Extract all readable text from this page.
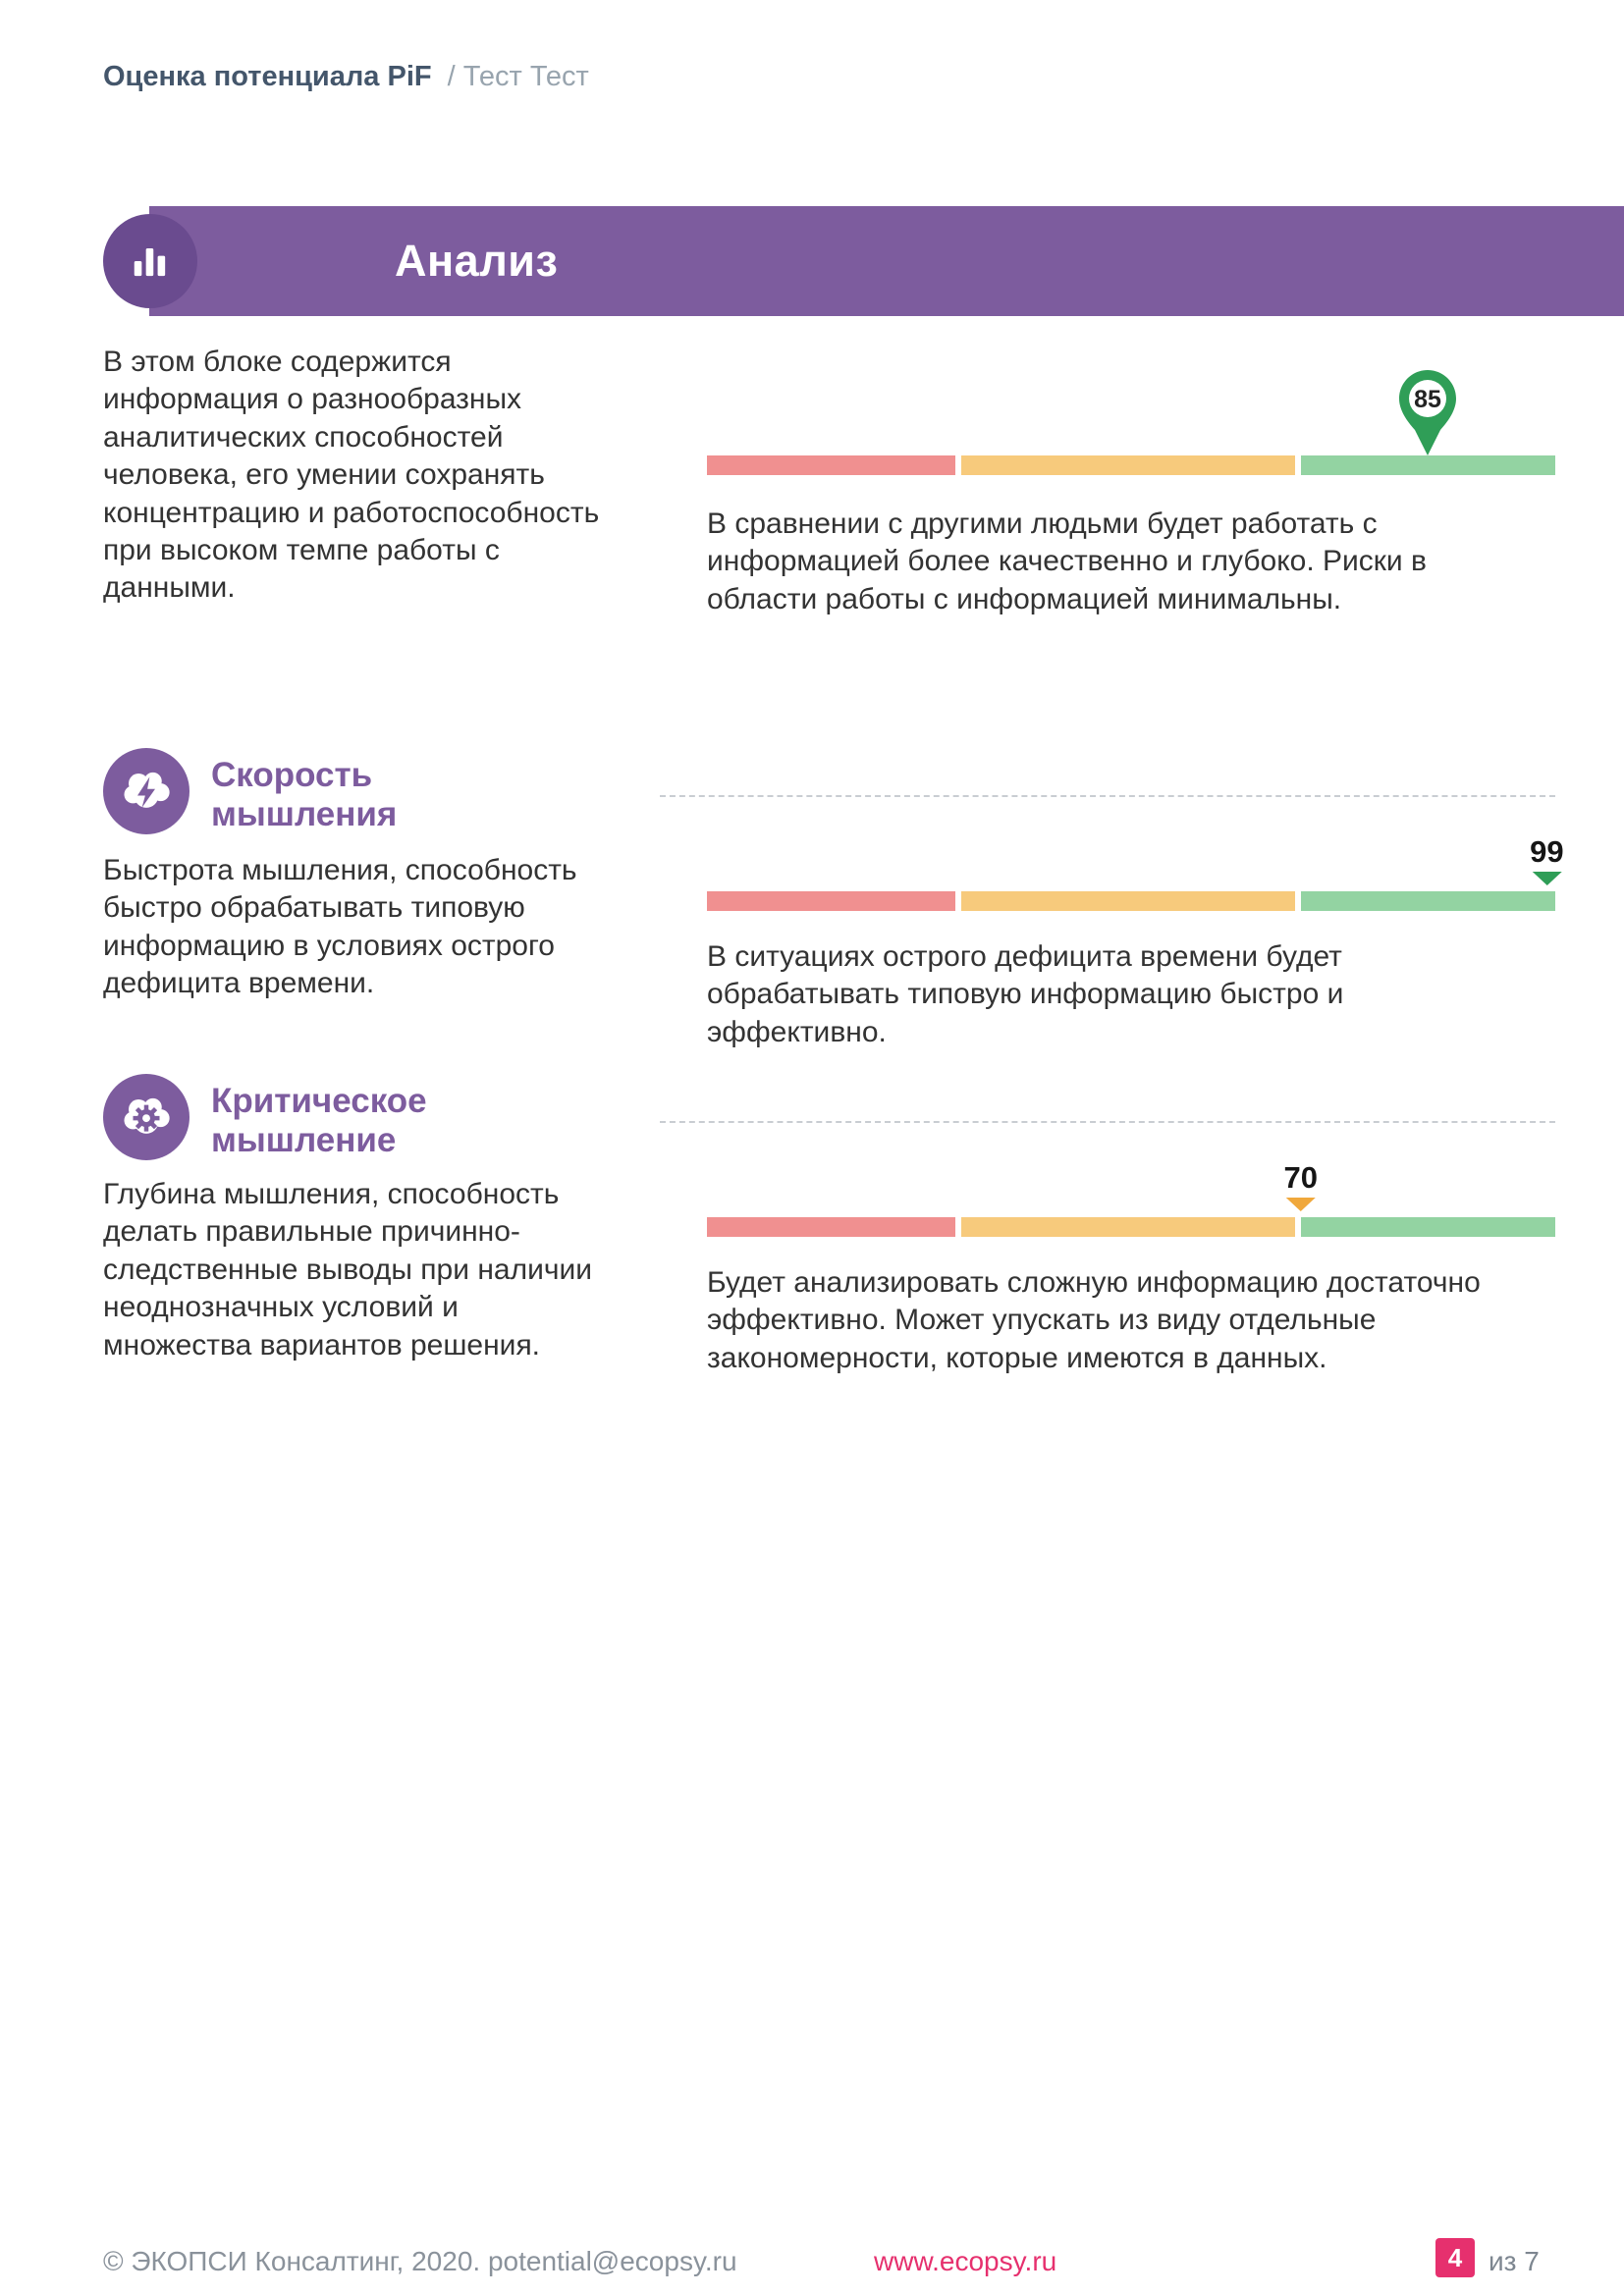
Оценка потенциала PiF / Тест Тест
Анализ
В этом блоке содержится информация о разнообразных аналитических способностей человека, его умении сохранять концентрацию и работоспособность при высоком темпе работы с данными.
85
В сравнении с другими людьми будет работать с информацией более качественно и глубоко. Риски в области работы с информацией минимальны.
Скорость мышления
Быстрота мышления, способность быстро обрабатывать типовую информацию в условиях острого дефицита времени.
99
В ситуациях острого дефицита времени будет обрабатывать типовую информацию быстро и эффективно.
Критическое мышление
Глубина мышления, способность делать правильные причинно-следственные выводы при наличии неоднозначных условий и множества вариантов решения.
70
Будет анализировать сложную информацию достаточно эффективно. Может упускать из виду отдельные закономерности, которые имеются в данных.
© ЭКОПСИ Консалтинг, 2020. potential@ecopsy.ru	www.ecopsy.ru	4 из 7
